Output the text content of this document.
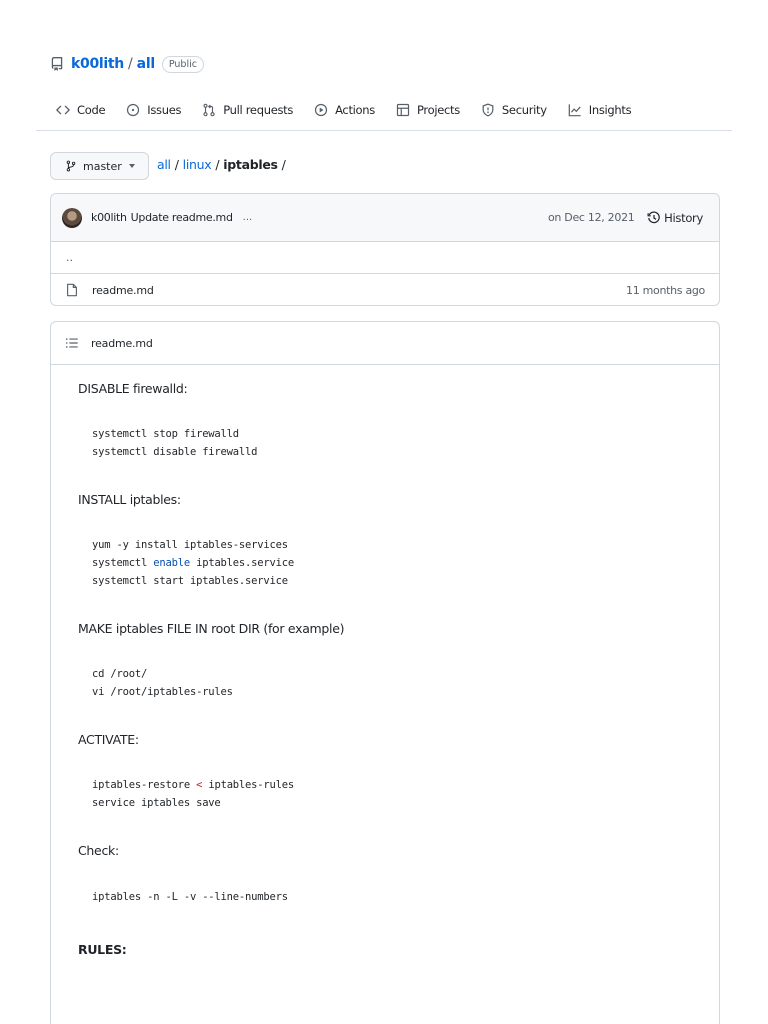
k00lith / all	Public
Code	Issues	Pull requests	Actions	Projects	Security	Insights
master	all / linux / iptables /
k00lith Update readme.md ...	on Dec 12, 2021	History
..
readme.md	11 months ago
readme.md
DISABLE firewalld:
systemctl stop firewalld
systemctl disable firewalld
INSTALL iptables:
yum -y install iptables-services
systemctl enable iptables.service
systemctl start iptables.service
MAKE iptables FILE IN root DIR (for example)
cd /root/
vi /root/iptables-rules
ACTIVATE:
iptables-restore < iptables-rules
service iptables save
Check:
iptables -n -L -v --line-numbers
RULES:
